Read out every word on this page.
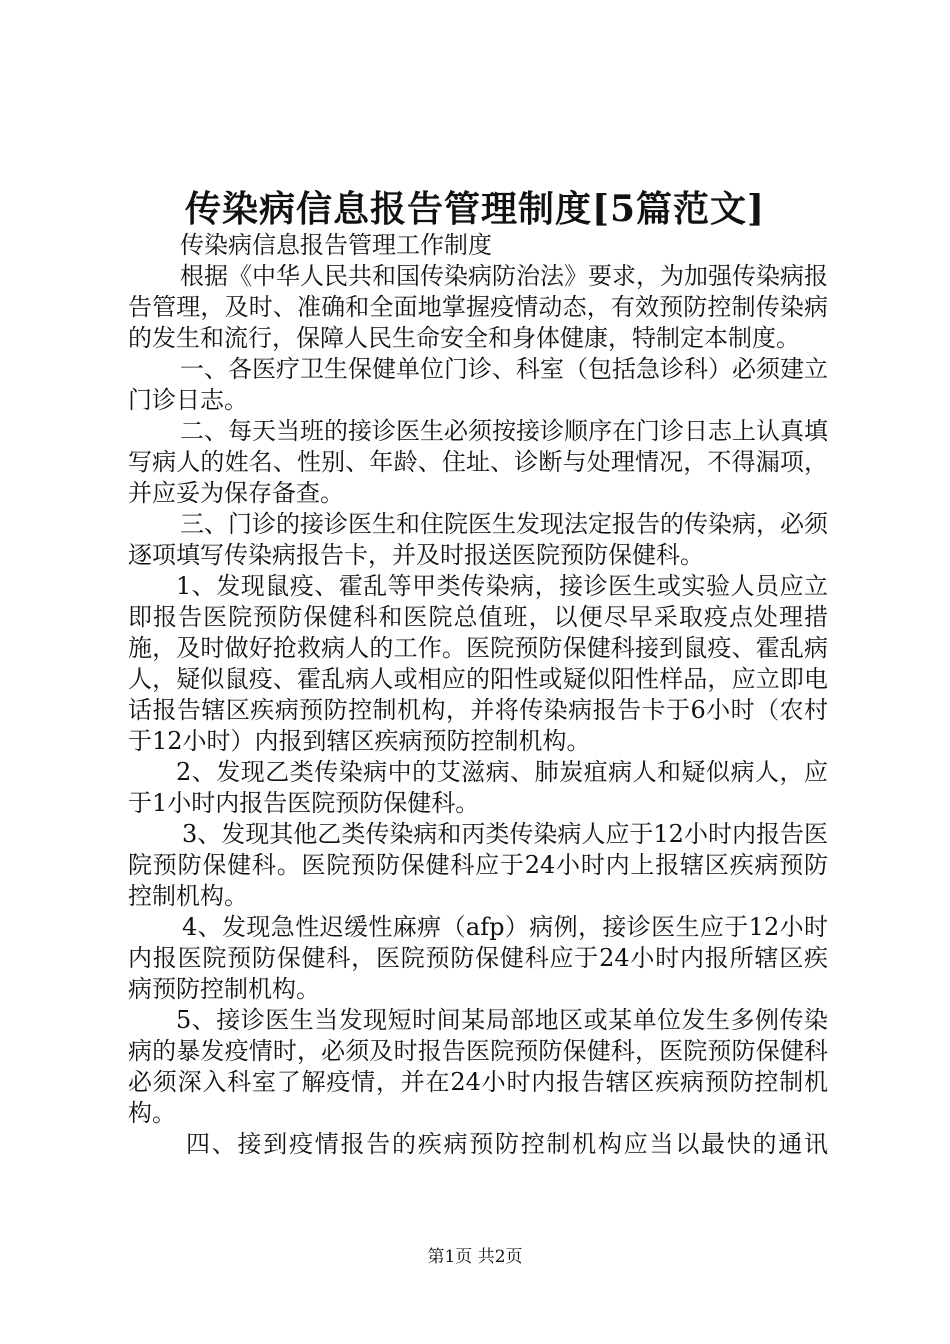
传染病信息报告管理制度[5篇范文]

传染病信息报告管理工作制度

根据《中华人民共和国传染病防治法》要求，为加强传染病报告管理，及时、准确和全面地掌握疫情动态，有效预防控制传染病的发生和流行，保障人民生命安全和身体健康，特制定本制度。

一、各医疗卫生保健单位门诊、科室（包括急诊科）必须建立门诊日志。

二、每天当班的接诊医生必须按接诊顺序在门诊日志上认真填写病人的姓名、性别、年龄、住址、诊断与处理情况，不得漏项，并应妥为保存备查。

三、门诊的接诊医生和住院医生发现法定报告的传染病，必须逐项填写传染病报告卡，并及时报送医院预防保健科。

1、发现鼠疫、霍乱等甲类传染病，接诊医生或实验人员应立即报告医院预防保健科和医院总值班，以便尽早采取疫点处理措施，及时做好抢救病人的工作。医院预防保健科接到鼠疫、霍乱病人，疑似鼠疫、霍乱病人或相应的阳性或疑似阳性样品，应立即电话报告辖区疾病预防控制机构，并将传染病报告卡于6小时（农村于12小时）内报到辖区疾病预防控制机构。

2、发现乙类传染病中的艾滋病、肺炭疽病人和疑似病人，应于1小时内报告医院预防保健科。

3、发现其他乙类传染病和丙类传染病人应于12小时内报告医院预防保健科。医院预防保健科应于24小时内上报辖区疾病预防控制机构。

4、发现急性迟缓性麻痹（afp）病例，接诊医生应于12小时内报医院预防保健科，医院预防保健科应于24小时内报所辖区疾病预防控制机构。

5、接诊医生当发现短时间某局部地区或某单位发生多例传染病的暴发疫情时，必须及时报告医院预防保健科，医院预防保健科必须深入科室了解疫情，并在24小时内报告辖区疾病预防控制机构。

四、接到疫情报告的疾病预防控制机构应当以最快的通讯

第1页 共2页
